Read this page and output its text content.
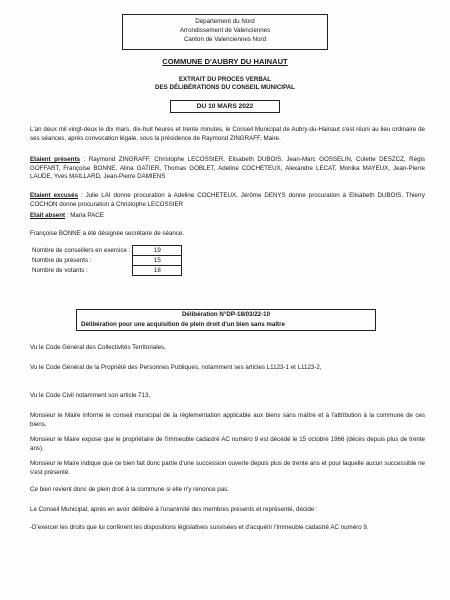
Département du Nord
Arrondissement de Valenciennes
Canton de Valenciennes Nord
COMMUNE D'AUBRY DU HAINAUT
EXTRAIT DU PROCES VERBAL
DES DÉLIBÉRATIONS DU CONSEIL MUNICIPAL
DU 10 MARS 2022
L'an deux mil vingt-deux le dix mars, dix-huit heures et trente minutes, le Conseil Municipal de Aubry-du-Hainaut s'est réuni au lieu ordinaire de ses séances, après convocation légale, sous la présidence de Raymond ZINGRAFF, Maire.
Etaient présents : Raymond ZINGRAFF, Christophe LECOSSIER, Elisabeth DUBOIS, Jean-Marc GOSSELIN, Colette DESZCZ, Régis GOFFART, Françoise BONNE, Alina GATIER, Thomas GOBLET, Adeline COCHETEUX, Alexandre LECAT, Monika MAYEUX, Jean-Pierre LAUDE, Yves MAILLARD, Jean-Pierre DAMIENS
Etaient excusés : Julie LAI donne procuration à Adeline COCHETEUX, Jérôme DENYS donne procuration à Elisabeth DUBOIS, Thierry COCHON donne procuration à Christophe LECOSSIER
Etait absent : Maria PACE
Françoise BONNE a été désignée secrétaire de séance.
Nombre de conseillers en exercice :	19
Nombre de présents :	15
Nombre de votants :	18
Délibération N°DP-18/03/22-10
Délibération pour une acquisition de plein droit d'un bien sans maître
Vu le Code Général des Collectivités Territoriales,
Vu le Code Général de la Propriété des Personnes Publiques, notamment ses articles L1123-1 et L1123-2,
Vu le Code Civil notamment son article 713,
Monsieur le Maire informe le conseil municipal de la réglementation applicable aux biens sans maître et à l'attribution à la commune de ces biens.
Monsieur le Maire expose que le propriétaire de l'immeuble cadastré AC numéro 9 est décédé le 15 octobre 1966 (décès depuis plus de trente ans).
Monsieur le Maire indique que ce bien fait donc partie d'une succession ouverte depuis plus de trente ans et pour laquelle aucun successible ne s'est présenté.
Ce bien revient donc de plein droit à la commune si elle n'y renonce pas.
Le Conseil Municipal, après en avoir délibéré à l'unanimité des membres présents et représenté, décide :
-D'exercer les droits que lui confèrent les dispositions législatives susvisées et d'acquérir l'immeuble cadastré AC numéro 9.
